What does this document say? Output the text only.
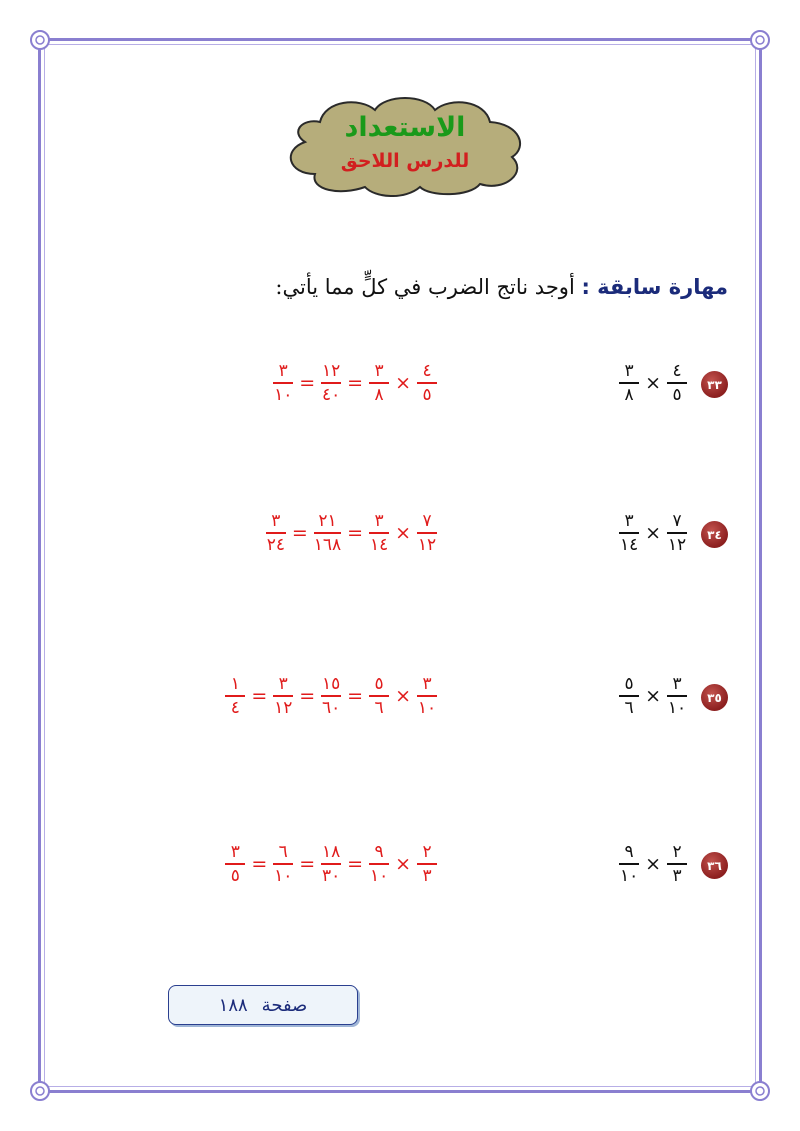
الاستعداد
للدرس اللاحق
مهارة سابقة : أوجد ناتج الضرب في كلٍّ مما يأتي:
٣٣
$\frac{٤}{٥}$
×
$\frac{٣}{٨}$
$\frac{٤}{٥}$
×
$\frac{٣}{٨}$
=
$\frac{١٢}{٤٠}$
=
$\frac{٣}{١٠}$
٣٤
$\frac{٧}{١٢}$
×
$\frac{٣}{١٤}$
$\frac{٧}{١٢}$
×
$\frac{٣}{١٤}$
=
$\frac{٢١}{١٦٨}$
=
$\frac{٣}{٢٤}$
٣٥
$\frac{٣}{١٠}$
×
$\frac{٥}{٦}$
$\frac{٣}{١٠}$
×
$\frac{٥}{٦}$
=
$\frac{١٥}{٦٠}$
=
$\frac{٣}{١٢}$
=
$\frac{١}{٤}$
٣٦
$\frac{٢}{٣}$
×
$\frac{٩}{١٠}$
$\frac{٢}{٣}$
×
$\frac{٩}{١٠}$
=
$\frac{١٨}{٣٠}$
=
$\frac{٦}{١٠}$
=
$\frac{٣}{٥}$
صفحة
١٨٨
